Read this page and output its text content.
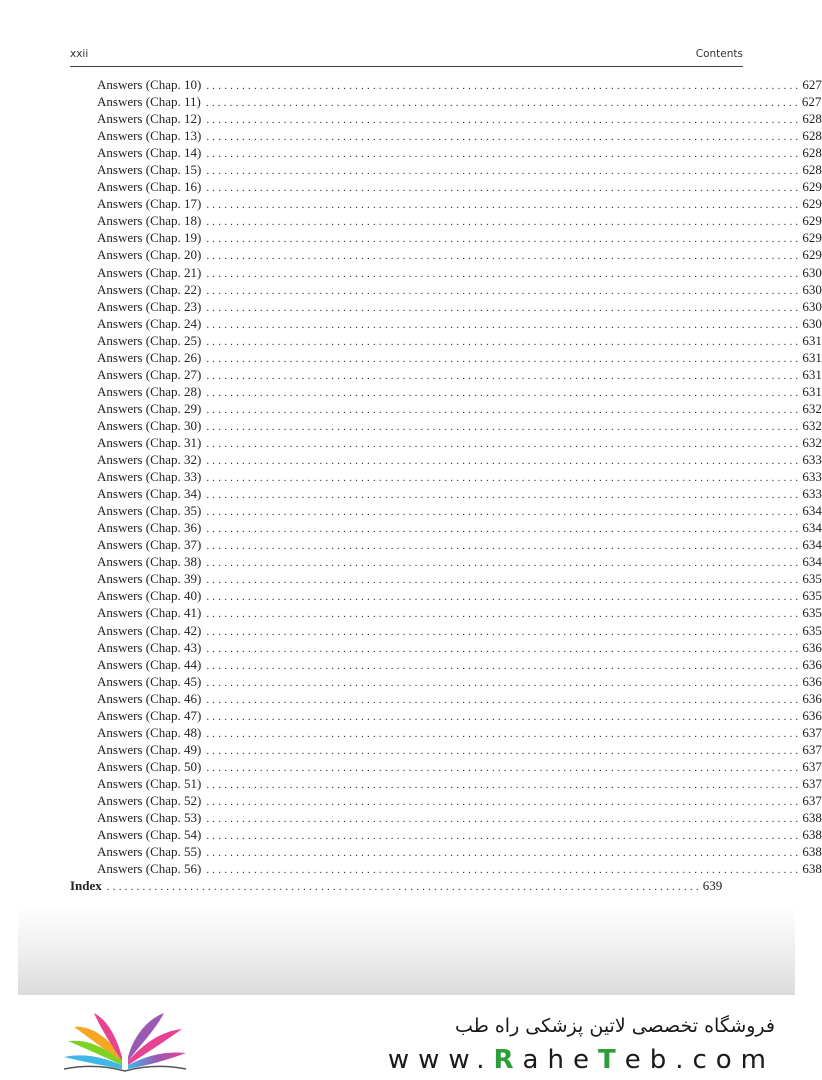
xxii	Contents
Answers (Chap. 10) .................................................................................................... 627
Answers (Chap. 11) .................................................................................................... 627
Answers (Chap. 12) .................................................................................................... 628
Answers (Chap. 13) .................................................................................................... 628
Answers (Chap. 14) .................................................................................................... 628
Answers (Chap. 15) .................................................................................................... 628
Answers (Chap. 16) .................................................................................................... 629
Answers (Chap. 17) .................................................................................................... 629
Answers (Chap. 18) .................................................................................................... 629
Answers (Chap. 19) .................................................................................................... 629
Answers (Chap. 20) .................................................................................................... 629
Answers (Chap. 21) .................................................................................................... 630
Answers (Chap. 22) .................................................................................................... 630
Answers (Chap. 23) .................................................................................................... 630
Answers (Chap. 24) .................................................................................................... 630
Answers (Chap. 25) .................................................................................................... 631
Answers (Chap. 26) .................................................................................................... 631
Answers (Chap. 27) .................................................................................................... 631
Answers (Chap. 28) .................................................................................................... 631
Answers (Chap. 29) .................................................................................................... 632
Answers (Chap. 30) .................................................................................................... 632
Answers (Chap. 31) .................................................................................................... 632
Answers (Chap. 32) .................................................................................................... 633
Answers (Chap. 33) .................................................................................................... 633
Answers (Chap. 34) .................................................................................................... 633
Answers (Chap. 35) .................................................................................................... 634
Answers (Chap. 36) .................................................................................................... 634
Answers (Chap. 37) .................................................................................................... 634
Answers (Chap. 38) .................................................................................................... 634
Answers (Chap. 39) .................................................................................................... 635
Answers (Chap. 40) .................................................................................................... 635
Answers (Chap. 41) .................................................................................................... 635
Answers (Chap. 42) .................................................................................................... 635
Answers (Chap. 43) .................................................................................................... 636
Answers (Chap. 44) .................................................................................................... 636
Answers (Chap. 45) .................................................................................................... 636
Answers (Chap. 46) .................................................................................................... 636
Answers (Chap. 47) .................................................................................................... 636
Answers (Chap. 48) .................................................................................................... 637
Answers (Chap. 49) .................................................................................................... 637
Answers (Chap. 50) .................................................................................................... 637
Answers (Chap. 51) .................................................................................................... 637
Answers (Chap. 52) .................................................................................................... 637
Answers (Chap. 53) .................................................................................................... 638
Answers (Chap. 54) .................................................................................................... 638
Answers (Chap. 55) .................................................................................................... 638
Answers (Chap. 56) .................................................................................................... 638
Index .................................................................................................... 639
فروشگاه تخصصی لاتین پزشکی راه طب
www.RaheTeb.com
